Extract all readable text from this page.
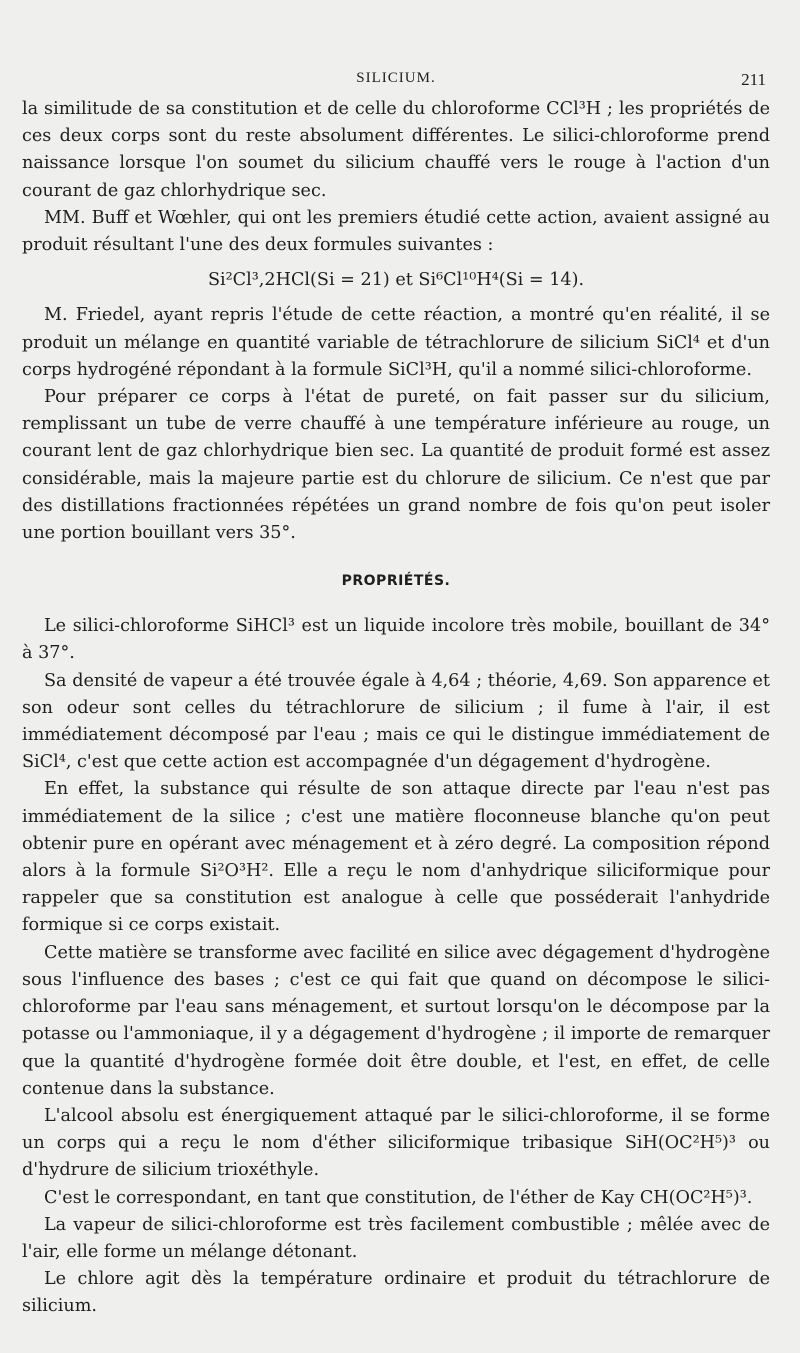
SILICIUM.	211

la similitude de sa constitution et de celle du chloroforme CCl³H ; les propriétés de ces deux corps sont du reste absolument différentes. Le silici-chloroforme prend naissance lorsque l'on soumet du silicium chauffé vers le rouge à l'action d'un courant de gaz chlorhydrique sec.

MM. Buff et Wœhler, qui ont les premiers étudié cette action, avaient assigné au produit résultant l'une des deux formules suivantes :

Si²Cl³,2HCl(Si = 21) et Si⁶Cl¹⁰H⁴(Si = 14).

M. Friedel, ayant repris l'étude de cette réaction, a montré qu'en réalité, il se produit un mélange en quantité variable de tétrachlorure de silicium SiCl⁴ et d'un corps hydrogéné répondant à la formule SiCl³H, qu'il a nommé silici-chloroforme.

Pour préparer ce corps à l'état de pureté, on fait passer sur du silicium, remplissant un tube de verre chauffé à une température inférieure au rouge, un courant lent de gaz chlorhydrique bien sec. La quantité de produit formé est assez considérable, mais la majeure partie est du chlorure de silicium. Ce n'est que par des distillations fractionnées répétées un grand nombre de fois qu'on peut isoler une portion bouillant vers 35°.

PROPRIÉTÉS.

Le silici-chloroforme SiHCl³ est un liquide incolore très mobile, bouillant de 34° à 37°.

Sa densité de vapeur a été trouvée égale à 4,64 ; théorie, 4,69. Son apparence et son odeur sont celles du tétrachlorure de silicium ; il fume à l'air, il est immédiatement décomposé par l'eau ; mais ce qui le distingue immédiatement de SiCl⁴, c'est que cette action est accompagnée d'un dégagement d'hydrogène.

En effet, la substance qui résulte de son attaque directe par l'eau n'est pas immédiatement de la silice ; c'est une matière floconneuse blanche qu'on peut obtenir pure en opérant avec ménagement et à zéro degré. La composition répond alors à la formule Si²O³H². Elle a reçu le nom d'anhydrique siliciformique pour rappeler que sa constitution est analogue à celle que posséderait l'anhydride formique si ce corps existait.

Cette matière se transforme avec facilité en silice avec dégagement d'hydrogène sous l'influence des bases ; c'est ce qui fait que quand on décompose le silici-chloroforme par l'eau sans ménagement, et surtout lorsqu'on le décompose par la potasse ou l'ammoniaque, il y a dégagement d'hydrogène ; il importe de remarquer que la quantité d'hydrogène formée doit être double, et l'est, en effet, de celle contenue dans la substance.

L'alcool absolu est énergiquement attaqué par le silici-chloroforme, il se forme un corps qui a reçu le nom d'éther siliciformique tribasique SiH(OC²H⁵)³ ou d'hydrure de silicium trioxéthyle.

C'est le correspondant, en tant que constitution, de l'éther de Kay CH(OC²H⁵)³.

La vapeur de silici-chloroforme est très facilement combustible ; mêlée avec de l'air, elle forme un mélange détonant.

Le chlore agit dès la température ordinaire et produit du tétrachlorure de silicium.
